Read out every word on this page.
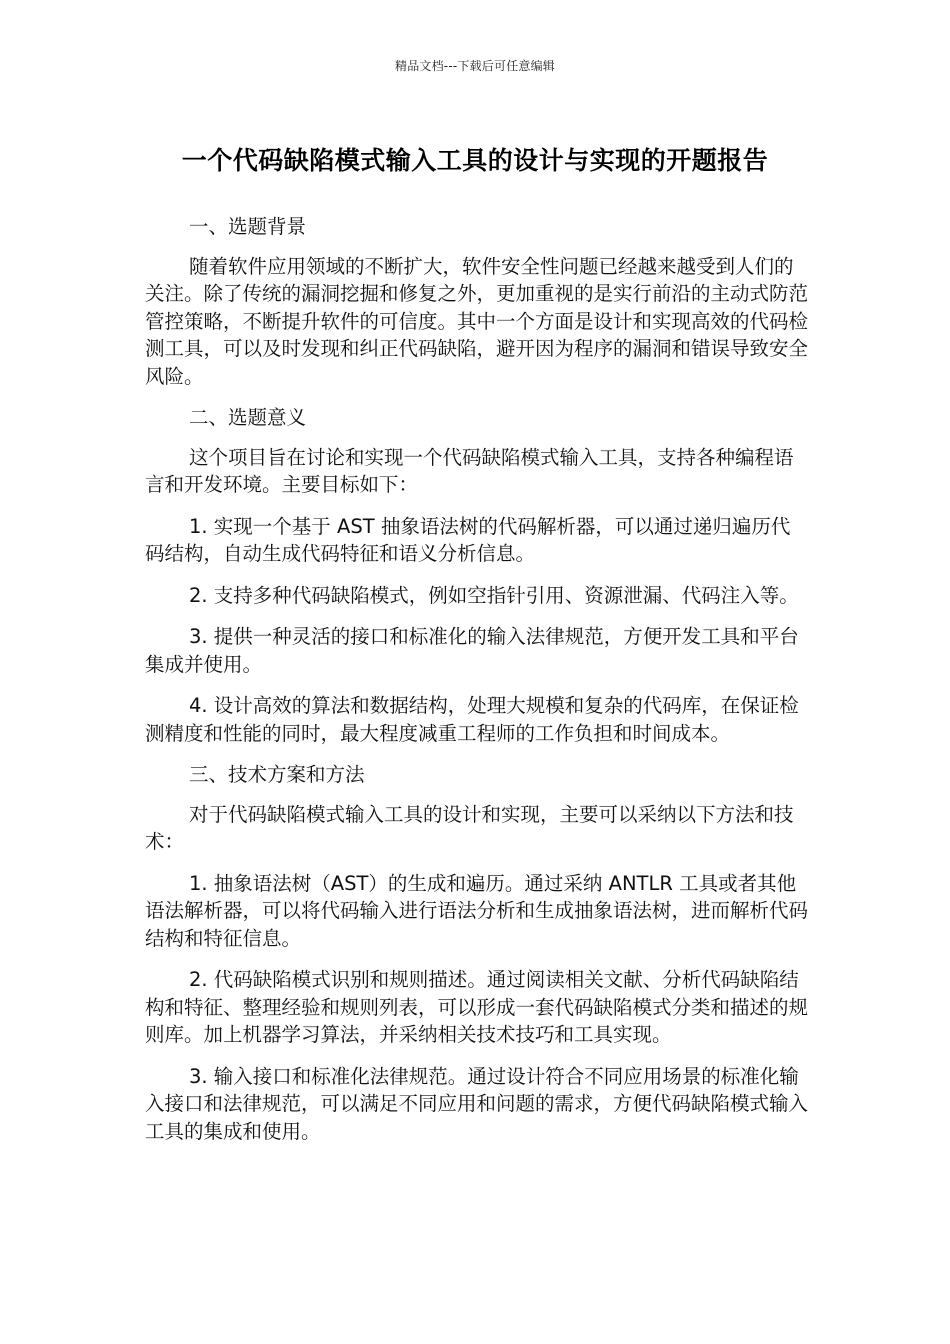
精品文档---下载后可任意编辑
一个代码缺陷模式输入工具的设计与实现的开题报告

一、选题背景

随着软件应用领域的不断扩大，软件安全性问题已经越来越受到人们的关注。除了传统的漏洞挖掘和修复之外，更加重视的是实行前沿的主动式防范管控策略，不断提升软件的可信度。其中一个方面是设计和实现高效的代码检测工具，可以及时发现和纠正代码缺陷，避开因为程序的漏洞和错误导致安全风险。

二、选题意义

这个项目旨在讨论和实现一个代码缺陷模式输入工具，支持各种编程语言和开发环境。主要目标如下：

1. 实现一个基于 AST 抽象语法树的代码解析器，可以通过递归遍历代码结构，自动生成代码特征和语义分析信息。

2. 支持多种代码缺陷模式，例如空指针引用、资源泄漏、代码注入等。

3. 提供一种灵活的接口和标准化的输入法律规范，方便开发工具和平台集成并使用。

4. 设计高效的算法和数据结构，处理大规模和复杂的代码库，在保证检测精度和性能的同时，最大程度减重工程师的工作负担和时间成本。

三、技术方案和方法

对于代码缺陷模式输入工具的设计和实现，主要可以采纳以下方法和技术：

1. 抽象语法树（AST）的生成和遍历。通过采纳 ANTLR 工具或者其他语法解析器，可以将代码输入进行语法分析和生成抽象语法树，进而解析代码结构和特征信息。

2. 代码缺陷模式识别和规则描述。通过阅读相关文献、分析代码缺陷结构和特征、整理经验和规则列表，可以形成一套代码缺陷模式分类和描述的规则库。加上机器学习算法，并采纳相关技术技巧和工具实现。

3. 输入接口和标准化法律规范。通过设计符合不同应用场景的标准化输入接口和法律规范，可以满足不同应用和问题的需求，方便代码缺陷模式输入工具的集成和使用。
